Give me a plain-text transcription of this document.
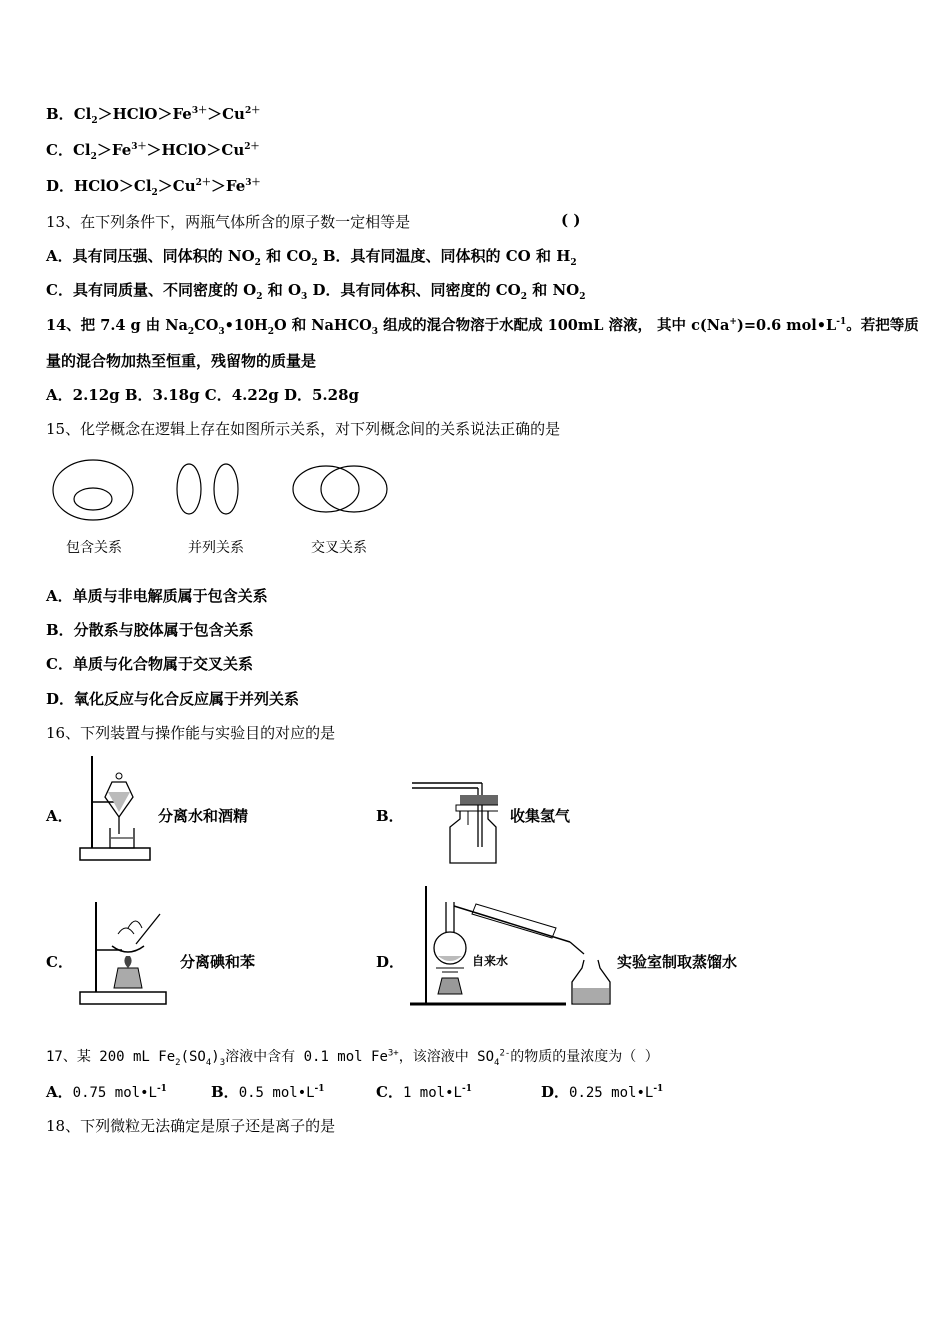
B．$Cl_2>HClO>Fe^{3+}>Cu^{2+}$
C．$Cl_2>Fe^{3+}>HClO>Cu^{2+}$
D．$HClO>Cl_2>Cu^{2+}>Fe^{3+}$
13、在下列条件下，两瓶气体所含的原子数一定相等是	( )
A．具有同压强、同体积的 $NO_2$ 和 $CO_2$ B．具有同温度、同体积的 CO 和 $H_2$
C．具有同质量、不同密度的 $O_2$ 和 $O_3$ D．具有同体积、同密度的 $CO_2$ 和 $NO_2$
14、把 7.4 g 由 $Na_2CO_3•10H_2O$ 和 NaHCO$_3$ 组成的混合物溶于水配成 100mL 溶液， 其中 c(Na+)=0.6 $mol•L^{-1}$。若把等质
量的混合物加热至恒重，残留物的质量是
A．2.12g B．3.18g C．4.22g D．5.28g
15、化学概念在逻辑上存在如图所示关系，对下列概念间的关系说法正确的是
包含关系	并列关系	交叉关系
A．单质与非电解质属于包含关系
B．分散系与胶体属于包含关系
C．单质与化合物属于交叉关系
D．氧化反应与化合反应属于并列关系
16、下列装置与操作能与实验目的对应的是
A．	分离水和酒精	B．	收集氢气
C．	分离碘和苯	D．	自来水	实验室制取蒸馏水
17、某 200 mL $Fe_2(SO_4)_3$溶液中含有 0.1 mol $Fe^{3+}$，该溶液中 $SO_4^{2-}$的物质的量浓度为（ ）
A．0.75 $mol•L^{-1}$	B．0.5 $mol•L^{-1}$	C．1 $mol•L^{-1}$	D．0.25 $mol•L^{-1}$
18、下列微粒无法确定是原子还是离子的是
